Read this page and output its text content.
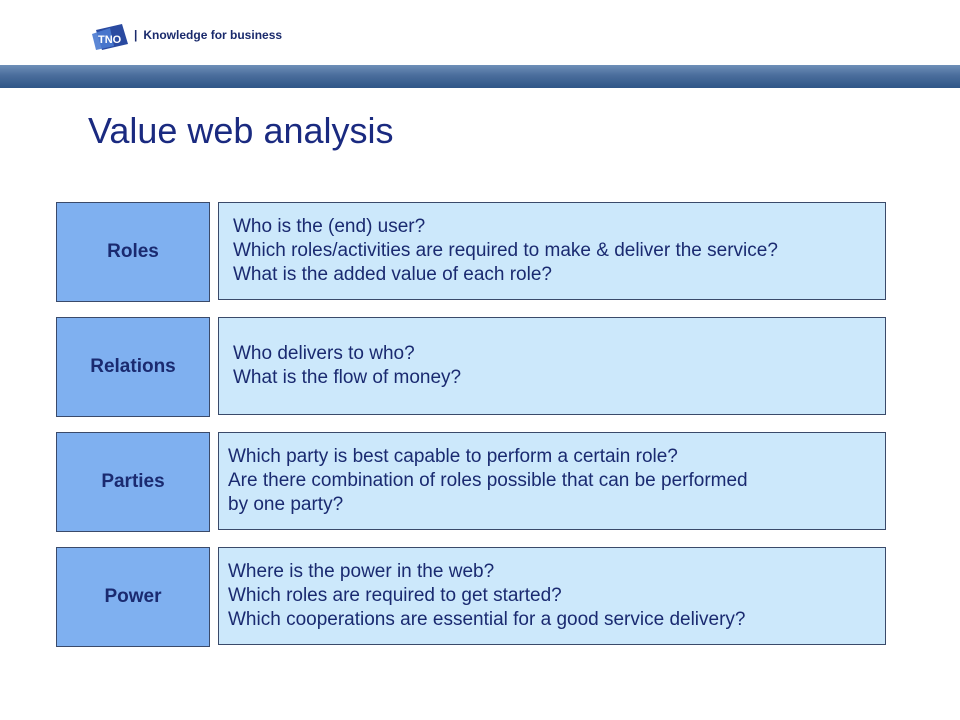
TNO | Knowledge for business
Value web analysis
Roles
Who is the (end) user?
Which roles/activities are required to make & deliver the service?
What is the added value of each role?
Relations
Who delivers to who?
What is the flow of money?
Parties
Which party is best capable to perform a certain role?
Are there combination of roles possible that can be performed
by one party?
Power
Where is the power in the web?
Which roles are required to get started?
Which cooperations are essential for a good service delivery?
